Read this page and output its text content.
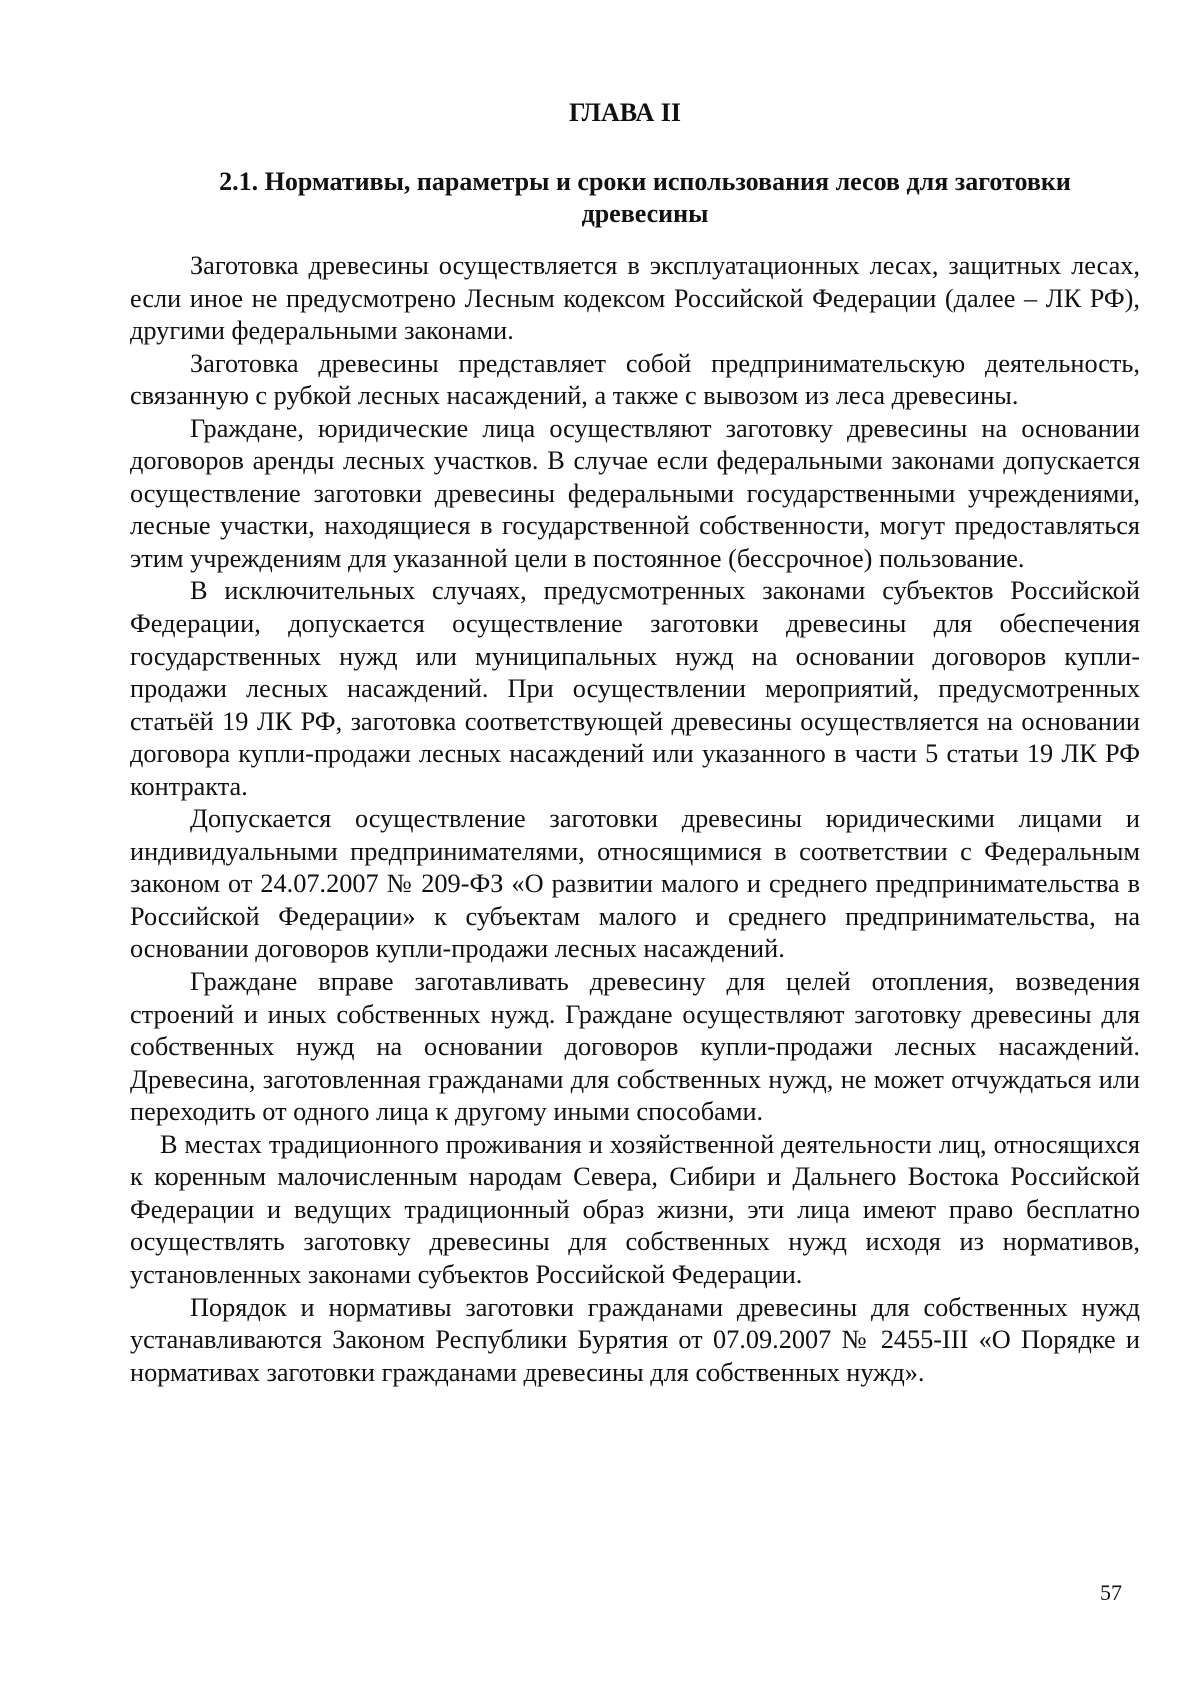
ГЛАВА II
2.1. Нормативы, параметры и сроки использования лесов для заготовки древесины

Заготовка древесины осуществляется в эксплуатационных лесах, защитных лесах, если иное не предусмотрено Лесным кодексом Российской Федерации (далее – ЛК РФ), другими федеральными законами.

Заготовка древесины представляет собой предпринимательскую деятельность, связанную с рубкой лесных насаждений, а также с вывозом из леса древесины.

Граждане, юридические лица осуществляют заготовку древесины на основании договоров аренды лесных участков. В случае если федеральными законами допускается осуществление заготовки древесины федеральными государственными учреждениями, лесные участки, находящиеся в государственной собственности, могут предоставляться этим учреждениям для указанной цели в постоянное (бессрочное) пользование.

В исключительных случаях, предусмотренных законами субъектов Российской Федерации, допускается осуществление заготовки древесины для обеспечения государственных нужд или муниципальных нужд на основании договоров купли-продажи лесных насаждений. При осуществлении мероприятий, предусмотренных статьёй 19 ЛК РФ, заготовка соответствующей древесины осуществляется на основании договора купли-продажи лесных насаждений или указанного в части 5 статьи 19 ЛК РФ контракта.

Допускается осуществление заготовки древесины юридическими лицами и индивидуальными предпринимателями, относящимися в соответствии с Федеральным законом от 24.07.2007 № 209-ФЗ «О развитии малого и среднего предпринимательства в Российской Федерации» к субъектам малого и среднего предпринимательства, на основании договоров купли-продажи лесных насаждений.

Граждане вправе заготавливать древесину для целей отопления, возведения строений и иных собственных нужд. Граждане осуществляют заготовку древесины для собственных нужд на основании договоров купли-продажи лесных насаждений. Древесина, заготовленная гражданами для собственных нужд, не может отчуждаться или переходить от одного лица к другому иными способами.

В местах традиционного проживания и хозяйственной деятельности лиц, относящихся к коренным малочисленным народам Севера, Сибири и Дальнего Востока Российской Федерации и ведущих традиционный образ жизни, эти лица имеют право бесплатно осуществлять заготовку древесины для собственных нужд исходя из нормативов, установленных законами субъектов Российской Федерации.

Порядок и нормативы заготовки гражданами древесины для собственных нужд устанавливаются Законом Республики Бурятия от 07.09.2007 № 2455-III «О Порядке и нормативах заготовки гражданами древесины для собственных нужд».

57
